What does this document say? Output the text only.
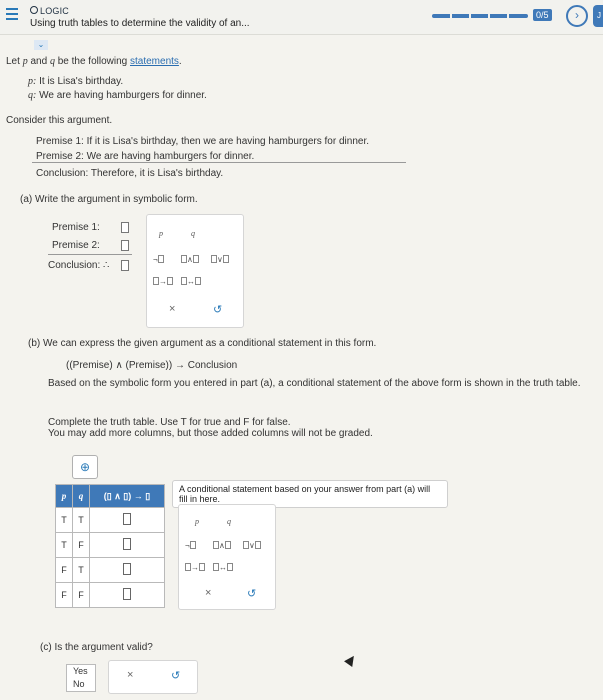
LOGIC
Using truth tables to determine the validity of an...
0/5	›	J
⌄
Let p and q be the following statements.
p: It is Lisa's birthday.
q: We are having hamburgers for dinner.
Consider this argument.
Premise 1: If it is Lisa's birthday, then we are having hamburgers for dinner.
Premise 2: We are having hamburgers for dinner.
Conclusion: Therefore, it is Lisa's birthday.
(a) Write the argument in symbolic form.
Premise 1:
Premise 2:
Conclusion: ∴
p	q
¬	∧	∨
→	↔
×	↺
(b) We can express the given argument as a conditional statement in this form.
((Premise) ∧ (Premise)) → Conclusion
Based on the symbolic form you entered in part (a), a conditional statement of the above form is shown in the truth table.
Complete the truth table. Use T for true and F for false.
You may add more columns, but those added columns will not be graded.
⊕
p	q	(▯ ∧ ▯) → ▯
T	T	
T	F	
F	T	
F	F	
A conditional statement based on your answer from part (a) will fill in here.
p	q
¬	∧	∨
→	↔
×	↺
(c) Is the argument valid?
Yes
No
×	↺
